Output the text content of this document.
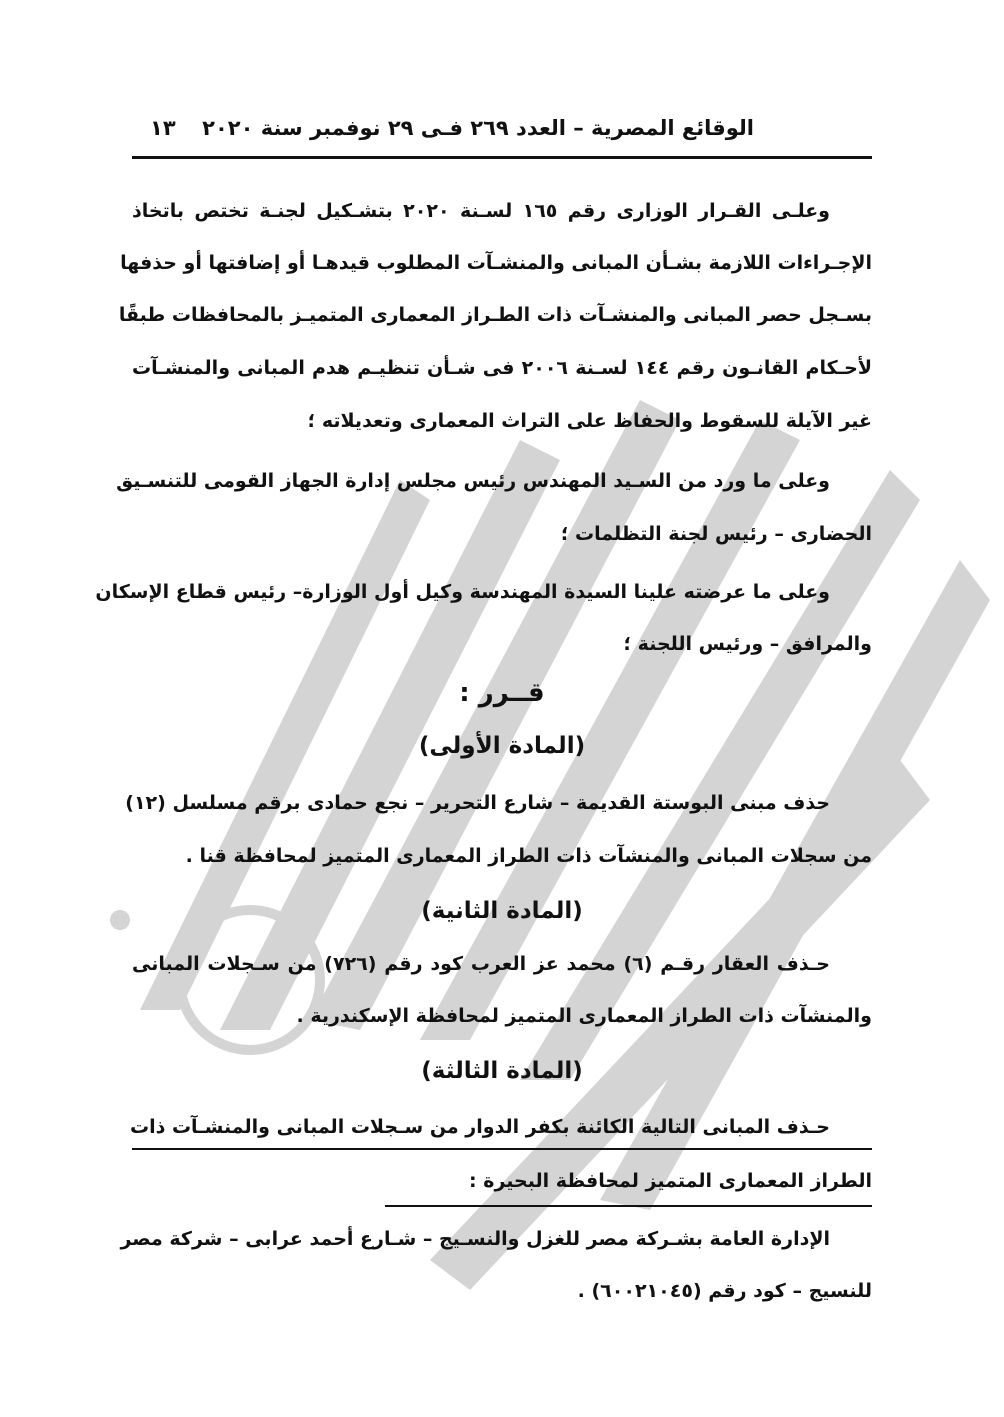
الوقائع المصرية – العدد ٢٦٩ فـى ٢٩ نوفمبر سنة ٢٠٢٠
١٣
وعلـى القـرار الوزارى رقم ١٦٥ لسـنة ٢٠٢٠ بتشـكيل لجنـة تختص باتخاذ
الإجـراءات اللازمة بشـأن المبانى والمنشـآت المطلوب قيدهـا أو إضافتها أو حذفها
بسـجل حصر المبانى والمنشـآت ذات الطـراز المعمارى المتميـز بالمحافظات طبقًا
لأحـكام القانـون رقم ١٤٤ لسـنة ٢٠٠٦ فى شـأن تنظيـم هدم المبانى والمنشـآت
غير الآيلة للسقوط والحفاظ على التراث المعمارى وتعديلاته ؛
وعلى ما ورد من السـيد المهندس رئيس مجلس إدارة الجهاز القومى للتنسـيق
الحضارى – رئيس لجنة التظلمات ؛
وعلى ما عرضته علينا السيدة المهندسة وكيل أول الوزارة– رئيس قطاع الإسكان
والمرافق – ورئيس اللجنة ؛
قــرر :
(المادة الأولى)
حذف مبنى البوستة القديمة – شارع التحرير – نجع حمادى برقم مسلسل (١٢)
من سجلات المبانى والمنشآت ذات الطراز المعمارى المتميز لمحافظة قنا .
(المادة الثانية)
حـذف العقار رقـم (٦) محمد عز العرب كود رقم (٧٢٦) من سـجلات المبانى
والمنشآت ذات الطراز المعمارى المتميز لمحافظة الإسكندرية .
(المادة الثالثة)
حـذف المبانى التالية الكائنة بكفر الدوار من سـجلات المبانى والمنشـآت ذات
الطراز المعمارى المتميز لمحافظة البحيرة :
الإدارة العامة بشـركة مصر للغزل والنسـيج – شـارع أحمد عرابى – شركة مصر
للنسيج – كود رقم (٦٠٠٢١٠٤٥) .
